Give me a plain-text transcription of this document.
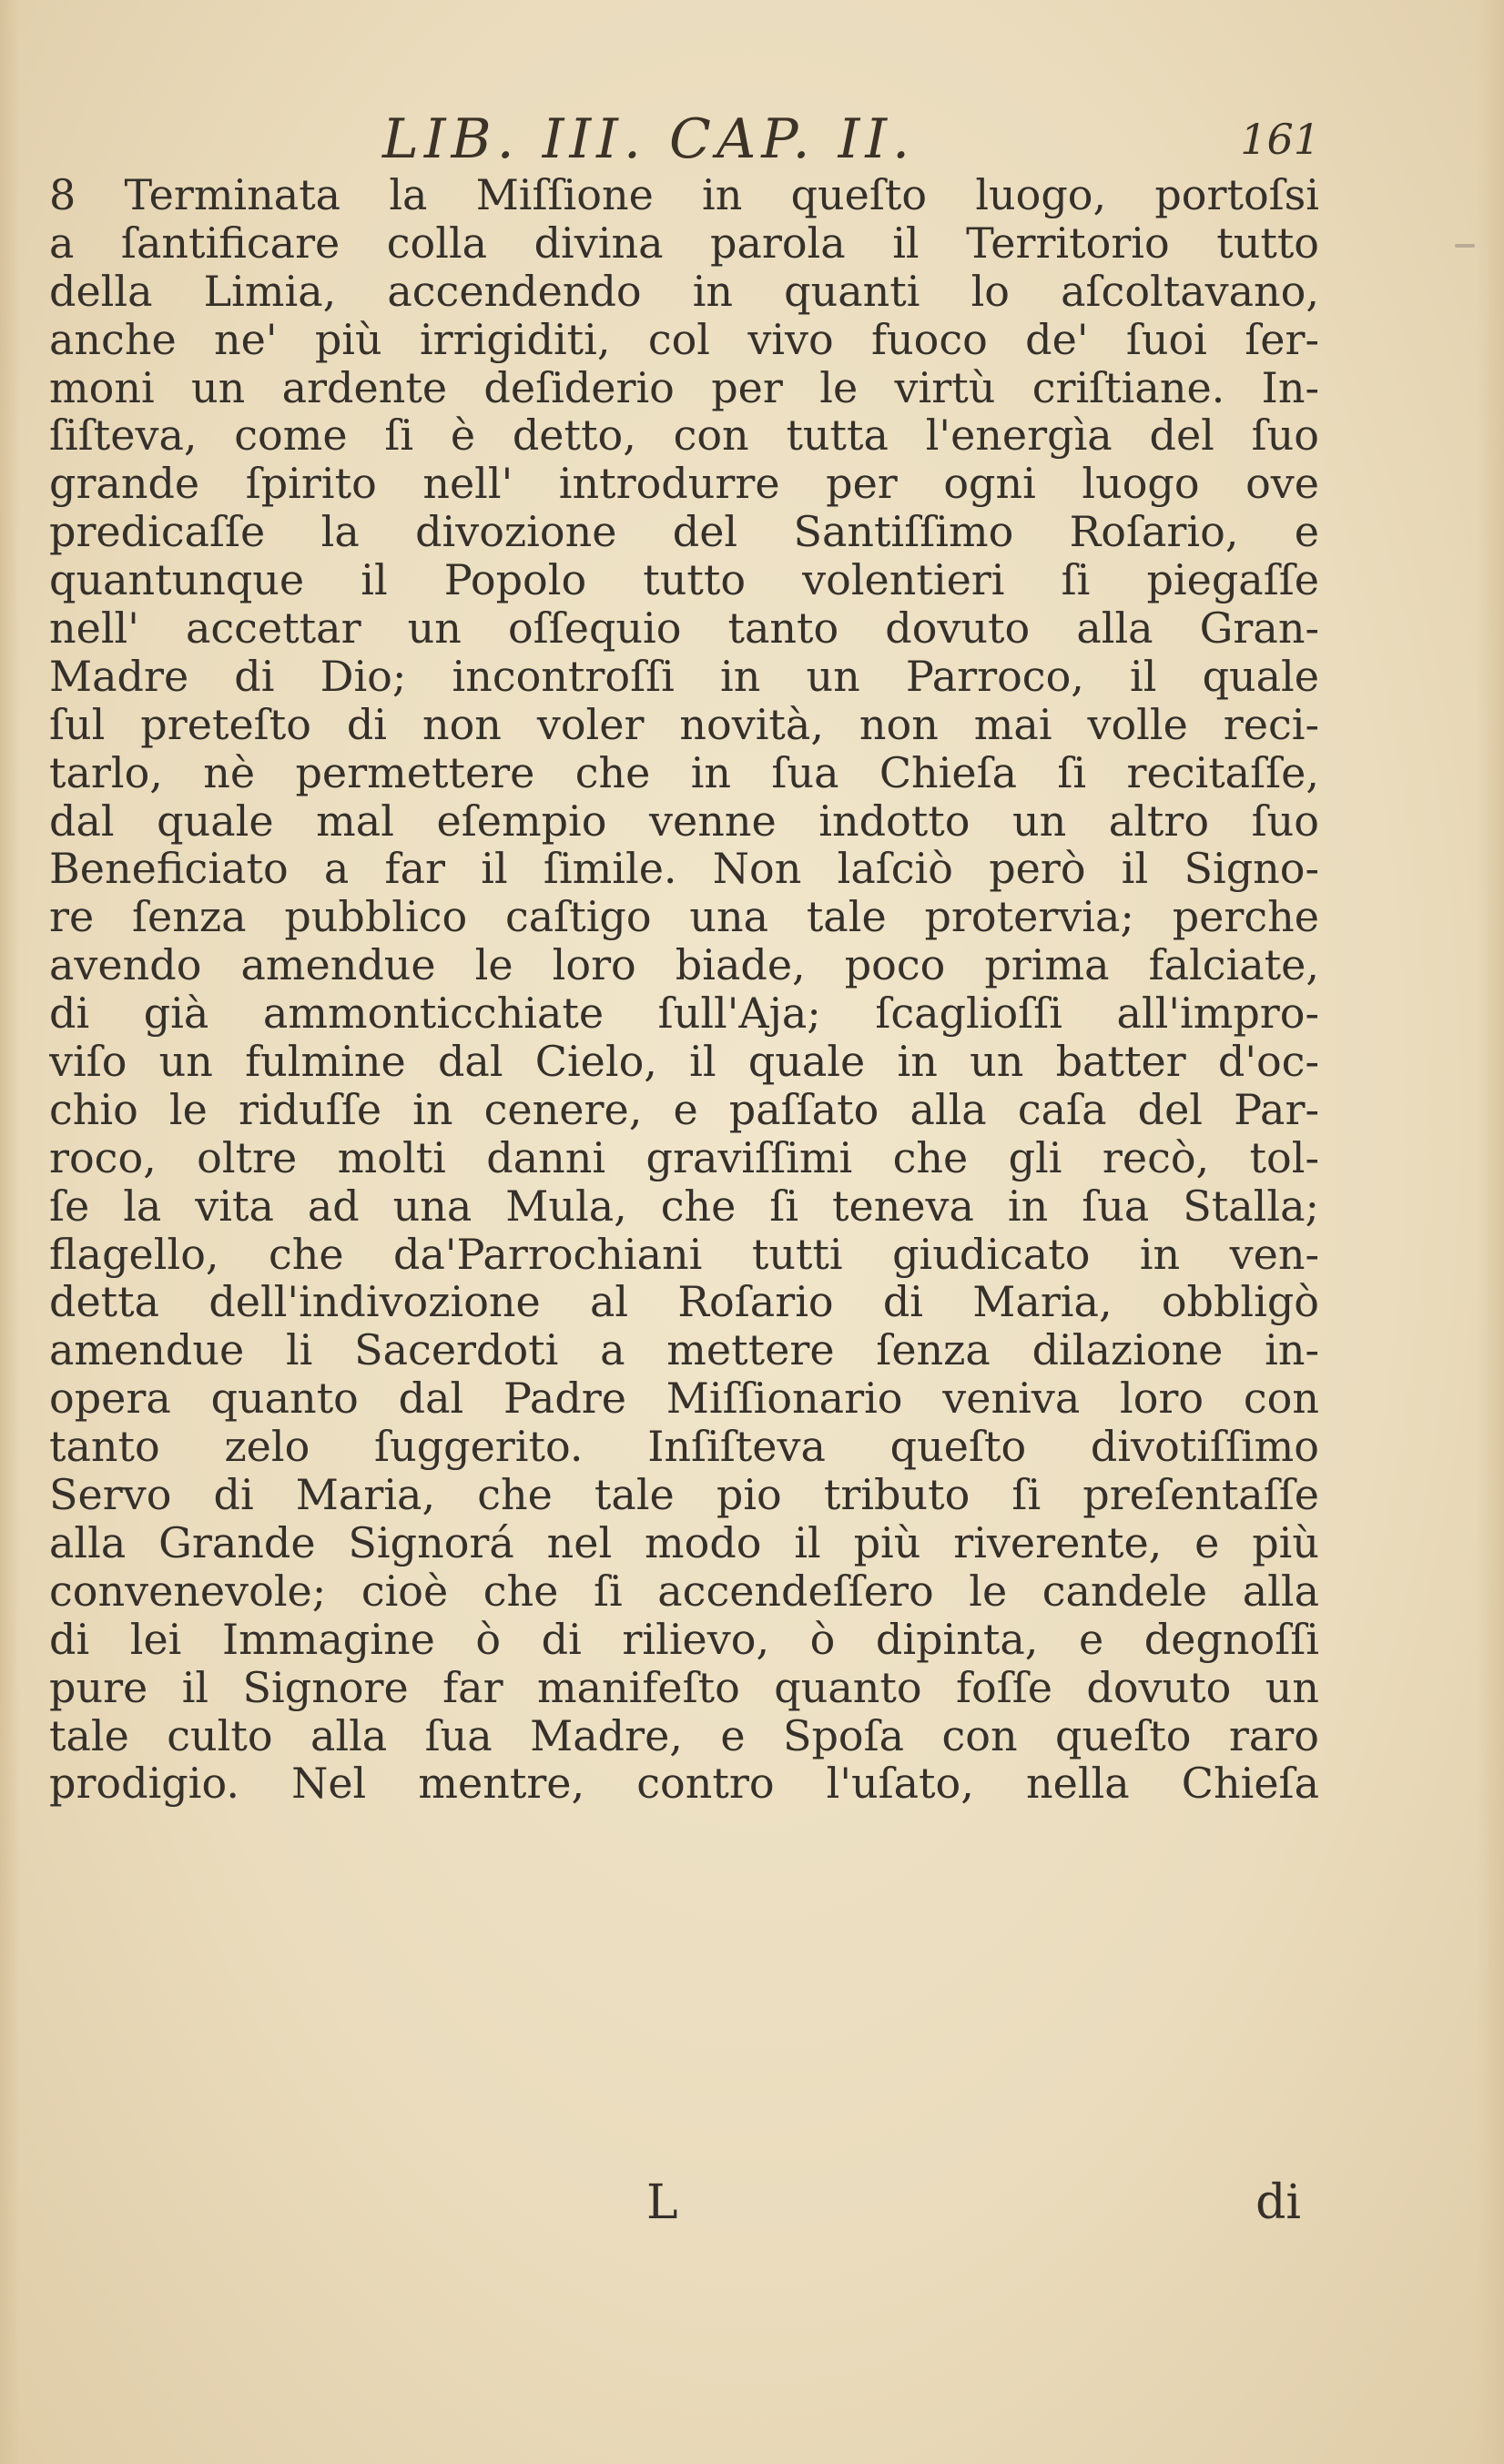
LIB. III. CAP. II.	161
8 Terminata la Miſſione in queſto luogo, portoſsi
a ſantificare colla divina parola il Territorio tutto
della Limia, accendendo in quanti lo aſcoltavano,
anche ne' più irrigiditi, col vivo fuoco de' ſuoi ſer-
moni un ardente deſiderio per le virtù criſtiane. In-
ſiſteva, come ſi è detto, con tutta l'energìa del ſuo
grande ſpirito nell' introdurre per ogni luogo ove
predicaſſe la divozione del Santiſſimo Roſario, e
quantunque il Popolo tutto volentieri ſi piegaſſe
nell' accettar un oſſequio tanto dovuto alla Gran-
Madre di Dio; incontroſſi in un Parroco, il quale
ſul preteſto di non voler novità, non mai volle reci-
tarlo, nè permettere che in ſua Chieſa ſi recitaſſe,
dal quale mal eſempio venne indotto un altro ſuo
Beneficiato a far il ſimile. Non laſciò però il Signo-
re ſenza pubblico caſtigo una tale protervia; perche
avendo amendue le loro biade, poco prima falciate,
di già ammonticchiate ſull'Aja; ſcaglioſſi all'impro-
viſo un fulmine dal Cielo, il quale in un batter d'oc-
chio le riduſſe in cenere, e paſſato alla caſa del Par-
roco, oltre molti danni graviſſimi che gli recò, tol-
ſe la vita ad una Mula, che ſi teneva in ſua Stalla;
flagello, che da'Parrochiani tutti giudicato in ven-
detta dell'indivozione al Roſario di Maria, obbligò
amendue li Sacerdoti a mettere ſenza dilazione in-
opera quanto dal Padre Miſſionario veniva loro con
tanto zelo ſuggerito. Inſiſteva queſto divotiſſimo
Servo di Maria, che tale pio tributo ſi preſentaſſe
alla Grande Signorá nel modo il più riverente, e più
convenevole; cioè che ſi accendeſſero le candele alla
di lei Immagine ò di rilievo, ò dipinta, e degnoſſi
pure il Signore far manifeſto quanto foſſe dovuto un
tale culto alla ſua Madre, e Spoſa con queſto raro
prodigio. Nel mentre, contro l'uſato, nella Chieſa
L	di
